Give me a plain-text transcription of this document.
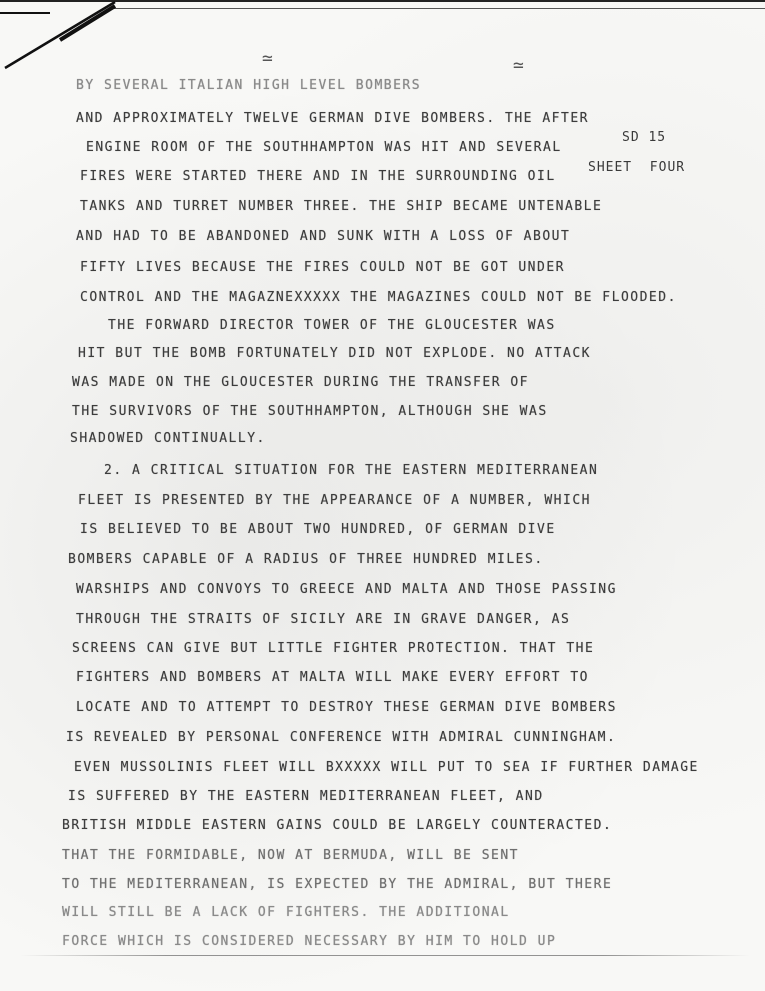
≃	≃
SD 15
SHEET  FOUR
BY SEVERAL ITALIAN HIGH LEVEL BOMBERS
AND APPROXIMATELY TWELVE GERMAN DIVE BOMBERS. THE AFTER
ENGINE ROOM OF THE SOUTHHAMPTON WAS HIT AND SEVERAL
FIRES WERE STARTED THERE AND IN THE SURROUNDING OIL
TANKS AND TURRET NUMBER THREE. THE SHIP BECAME UNTENABLE
AND HAD TO BE ABANDONED AND SUNK WITH A LOSS OF ABOUT
FIFTY LIVES BECAUSE THE FIRES COULD NOT BE GOT UNDER
CONTROL AND THE MAGAZNEXXXXX THE MAGAZINES COULD NOT BE FLOODED.
THE FORWARD DIRECTOR TOWER OF THE GLOUCESTER WAS
HIT BUT THE BOMB FORTUNATELY DID NOT EXPLODE. NO ATTACK
WAS MADE ON THE GLOUCESTER DURING THE TRANSFER OF
THE SURVIVORS OF THE SOUTHHAMPTON, ALTHOUGH SHE WAS
SHADOWED CONTINUALLY.
2. A CRITICAL SITUATION FOR THE EASTERN MEDITERRANEAN
FLEET IS PRESENTED BY THE APPEARANCE OF A NUMBER, WHICH
IS BELIEVED TO BE ABOUT TWO HUNDRED, OF GERMAN DIVE
BOMBERS CAPABLE OF A RADIUS OF THREE HUNDRED MILES.
WARSHIPS AND CONVOYS TO GREECE AND MALTA AND THOSE PASSING
THROUGH THE STRAITS OF SICILY ARE IN GRAVE DANGER, AS
SCREENS CAN GIVE BUT LITTLE FIGHTER PROTECTION. THAT THE
FIGHTERS AND BOMBERS AT MALTA WILL MAKE EVERY EFFORT TO
LOCATE AND TO ATTEMPT TO DESTROY THESE GERMAN DIVE BOMBERS
IS REVEALED BY PERSONAL CONFERENCE WITH ADMIRAL CUNNINGHAM.
EVEN MUSSOLINIS FLEET WILL BXXXXX WILL PUT TO SEA IF FURTHER DAMAGE
IS SUFFERED BY THE EASTERN MEDITERRANEAN FLEET, AND
BRITISH MIDDLE EASTERN GAINS COULD BE LARGELY COUNTERACTED.
THAT THE FORMIDABLE, NOW AT BERMUDA, WILL BE SENT
TO THE MEDITERRANEAN, IS EXPECTED BY THE ADMIRAL, BUT THERE
WILL STILL BE A LACK OF FIGHTERS. THE ADDITIONAL
FORCE WHICH IS CONSIDERED NECESSARY BY HIM TO HOLD UP
